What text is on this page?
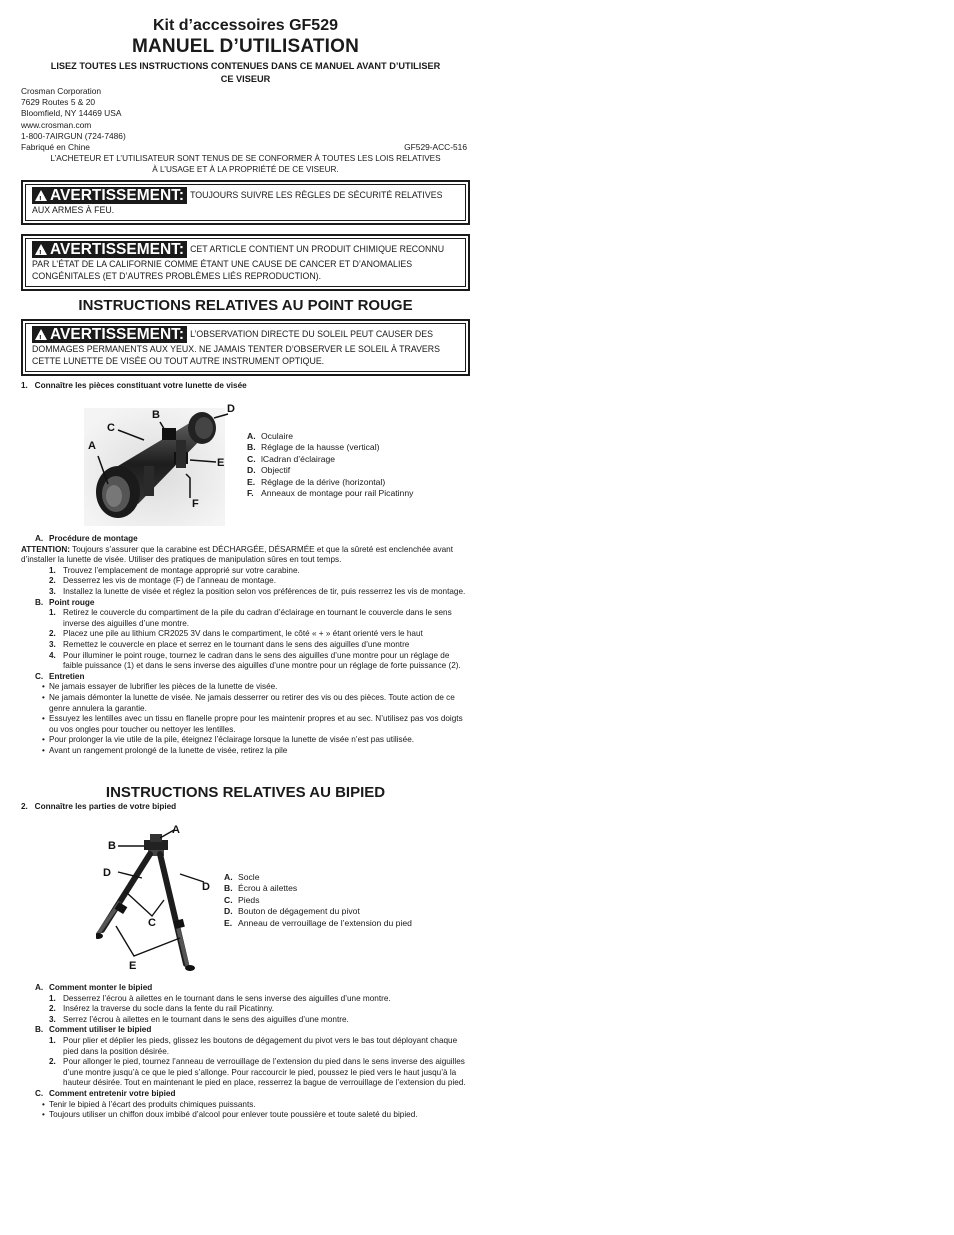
Kit d’accessoires GF529
MANUEL D’UTILISATION
LISEZ TOUTES LES INSTRUCTIONS CONTENUES DANS CE MANUEL AVANT D’UTILISER
CE VISEUR
Crosman Corporation
7629 Routes 5 & 20
Bloomfield, NY 14469 USA
www.crosman.com
1-800-7AIRGUN (724-7486)
Fabriqué en Chine	GF529-ACC-516
L’ACHETEUR ET L’UTILISATEUR SONT TENUS DE SE CONFORMER À TOUTES LES LOIS RELATIVES
À L’USAGE ET À LA PROPRIÉTÉ DE CE VISEUR.
! AVERTISSEMENT: TOUJOURS SUIVRE LES RÈGLES DE SÉCURITÉ RELATIVES AUX ARMES À FEU.
! AVERTISSEMENT: CET ARTICLE CONTIENT UN PRODUIT CHIMIQUE RECONNU PAR L’ÉTAT DE LA CALIFORNIE COMME ÉTANT UNE CAUSE DE CANCER ET D’ANOMALIES CONGÉNITALES (ET D’AUTRES PROBLÈMES LIÉS REPRODUCTION).
INSTRUCTIONS RELATIVES AU POINT ROUGE
! AVERTISSEMENT: L’OBSERVATION DIRECTE DU SOLEIL PEUT CAUSER DES DOMMAGES PERMANENTS AUX YEUX. NE JAMAIS TENTER D’OBSERVER LE SOLEIL À TRAVERS CETTE LUNETTE DE VISÉE OU TOUT AUTRE INSTRUMENT OPTIQUE.
1. Connaître les pièces constituant votre lunette de visée
A
B
C
D
E
F
A. Oculaire
B. Réglage de la hausse (vertical)
C. lCadran d’éclairage
D. Objectif
E. Réglage de la dérive (horizontal)
F. Anneaux de montage pour rail Picatinny
A. Procédure de montage
ATTENTION: Toujours s’assurer que la carabine est DÉCHARGÉE, DÉSARMÉE et que la sûreté est enclenchée avant d’installer la lunette de visée. Utiliser des pratiques de manipulation sûres en tout temps.
1. Trouvez l’emplacement de montage approprié sur votre carabine.
2. Desserrez les vis de montage (F) de l’anneau de montage.
3. Installez la lunette de visée et réglez la position selon vos préférences de tir, puis resserrez les vis de montage.
B. Point rouge
1. Retirez le couvercle du compartiment de la pile du cadran d’éclairage en tournant le couvercle dans le sens inverse des aiguilles d’une montre.
2. Placez une pile au lithium CR2025 3V dans le compartiment, le côté « + » étant orienté vers le haut
3. Remettez le couvercle en place et serrez en le tournant dans le sens des aiguilles d’une montre
4. Pour illuminer le point rouge, tournez le cadran dans le sens des aiguilles d’une montre pour un réglage de faible puissance (1) et dans le sens inverse des aiguilles d’une montre pour un réglage de forte puissance (2).
C. Entretien
• Ne jamais essayer de lubrifier les pièces de la lunette de visée.
• Ne jamais démonter la lunette de visée. Ne jamais desserrer ou retirer des vis ou des pièces. Toute action de ce genre annulera la garantie.
• Essuyez les lentilles avec un tissu en flanelle propre pour les maintenir propres et au sec. N’utilisez pas vos doigts ou vos ongles pour toucher ou nettoyer les lentilles.
• Pour prolonger la vie utile de la pile, éteignez l’éclairage lorsque la lunette de visée n’est pas utilisée.
• Avant un rangement prolongé de la lunette de visée, retirez la pile
INSTRUCTIONS RELATIVES AU BIPIED
2. Connaître les parties de votre bipied
A
B
C
D
D
E
A. Socle
B. Écrou à ailettes
C. Pieds
D. Bouton de dégagement du pivot
E. Anneau de verrouillage de l’extension du pied
A. Comment monter le bipied
1. Desserrez l’écrou à ailettes en le tournant dans le sens inverse des aiguilles d’une montre.
2. Insérez la traverse du socle dans la fente du rail Picatinny.
3. Serrez l’écrou à ailettes en le tournant dans le sens des aiguilles d’une montre.
B. Comment utiliser le bipied
1. Pour plier et déplier les pieds, glissez les boutons de dégagement du pivot vers le bas tout déployant chaque pied dans la position désirée.
2. Pour allonger le pied, tournez l’anneau de verrouillage de l’extension du pied dans le sens inverse des aiguilles d’une montre jusqu’à ce que le pied s’allonge. Pour raccourcir le pied, poussez le pied vers le haut jusqu’à la hauteur désirée. Tout en maintenant le pied en place, resserrez la bague de verrouillage de l’extension du pied.
C. Comment entretenir votre bipied
• Tenir le bipied à l’écart des produits chimiques puissants.
• Toujours utiliser un chiffon doux imbibé d’alcool pour enlever toute poussière et toute saleté du bipied.
